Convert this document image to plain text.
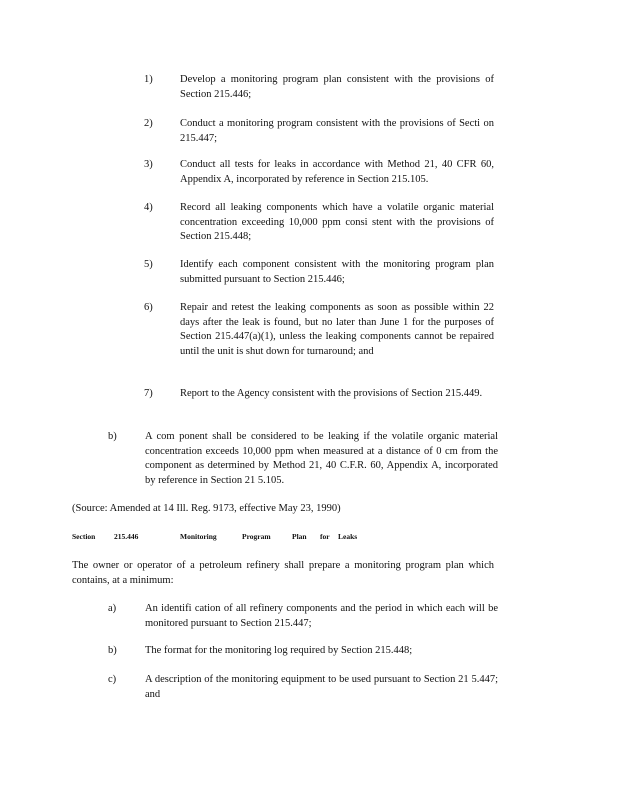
1)	Develop a monitoring program plan consistent with the provisions of Section 215.446;
2)	Conduct a monitoring program consistent with the provisions of Secti on 215.447;
3)	Conduct all tests for leaks in accordance with Method 21, 40 CFR 60, Appendix A, incorporated by reference in Section 215.105.
4)	Record all leaking components which have a volatile organic material concentration exceeding 10,000 ppm consi stent with the provisions of Section 215.448;
5)	Identify each component consistent with the monitoring program plan submitted pursuant to Section 215.446;
6)	Repair and retest the leaking components as soon as possible within 22 days after the leak is found, but no later than June 1 for the purposes of Section 215.447(a)(1), unless the leaking components cannot be repaired until the unit is shut down for turnaround; and
7)	Report to the Agency consistent with the provisions of Section 215.449.
b)	A com ponent shall be considered to be leaking if the volatile organic material concentration exceeds 10,000 ppm when measured at a distance of 0 cm from the component as determined by Method 21, 40 C.F.R. 60, Appendix A, incorporated by reference in Section 21 5.105.
(Source: Amended at 14 Ill. Reg. 9173, effective May 23, 1990)
Section 215.446	Monitoring	Program	Plan for Leaks
The owner or operator of a petroleum refinery shall prepare a monitoring program plan which contains, at a minimum:
a)	An identifi cation of all refinery components and the period in which each will be monitored pursuant to Section 215.447;
b)	The format for the monitoring log required by Section 215.448;
c)	A description of the monitoring equipment to be used pursuant to Section 21 5.447; and
